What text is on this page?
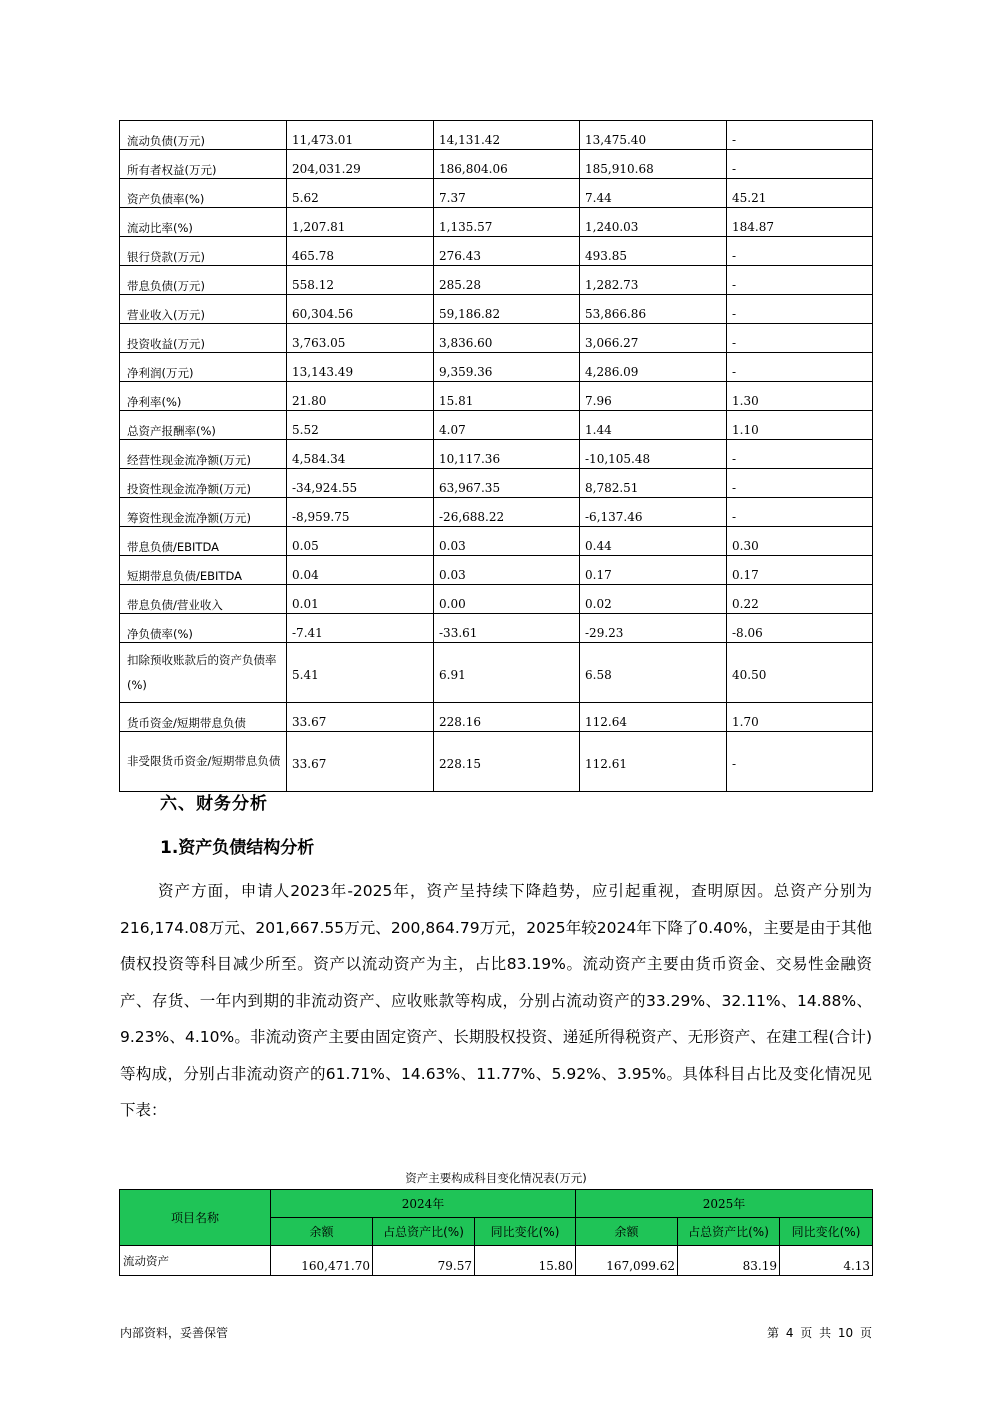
流动负债(万元)	11,473.01	14,131.42	13,475.40	-
所有者权益(万元)	204,031.29	186,804.06	185,910.68	-
资产负债率(%)	5.62	7.37	7.44	45.21
流动比率(%)	1,207.81	1,135.57	1,240.03	184.87
银行贷款(万元)	465.78	276.43	493.85	-
带息负债(万元)	558.12	285.28	1,282.73	-
营业收入(万元)	60,304.56	59,186.82	53,866.86	-
投资收益(万元)	3,763.05	3,836.60	3,066.27	-
净利润(万元)	13,143.49	9,359.36	4,286.09	-
净利率(%)	21.80	15.81	7.96	1.30
总资产报酬率(%)	5.52	4.07	1.44	1.10
经营性现金流净额(万元)	4,584.34	10,117.36	-10,105.48	-
投资性现金流净额(万元)	-34,924.55	63,967.35	8,782.51	-
筹资性现金流净额(万元)	-8,959.75	-26,688.22	-6,137.46	-
带息负债/EBITDA	0.05	0.03	0.44	0.30
短期带息负债/EBITDA	0.04	0.03	0.17	0.17
带息负债/营业收入	0.01	0.00	0.02	0.22
净负债率(%)	-7.41	-33.61	-29.23	-8.06
扣除预收账款后的资产负债率(%)	5.41	6.91	6.58	40.50
货币资金/短期带息负债	33.67	228.16	112.64	1.70
非受限货币资金/短期带息负债	33.67	228.15	112.61	-
六、财务分析
1.资产负债结构分析

资产方面，申请人2023年-2025年，资产呈持续下降趋势，应引起重视，查明原因。总资产分别为216,174.08万元、201,667.55万元、200,864.79万元，2025年较2024年下降了0.40%，主要是由于其他债权投资等科目减少所至。资产以流动资产为主，占比83.19%。流动资产主要由货币资金、交易性金融资产、存货、一年内到期的非流动资产、应收账款等构成，分别占流动资产的33.29%、32.11%、14.88%、9.23%、4.10%。非流动资产主要由固定资产、长期股权投资、递延所得税资产、无形资产、在建工程(合计)等构成，分别占非流动资产的61.71%、14.63%、11.77%、5.92%、3.95%。具体科目占比及变化情况见下表：

资产主要构成科目变化情况表(万元)
项目名称	2024年			2025年		
	余额	占总资产比(%)	同比变化(%)	余额	占总资产比(%)	同比变化(%)
流动资产	160,471.70	79.57	15.80	167,099.62	83.19	4.13
内部资料，妥善保管	第 4 页 共 10 页
